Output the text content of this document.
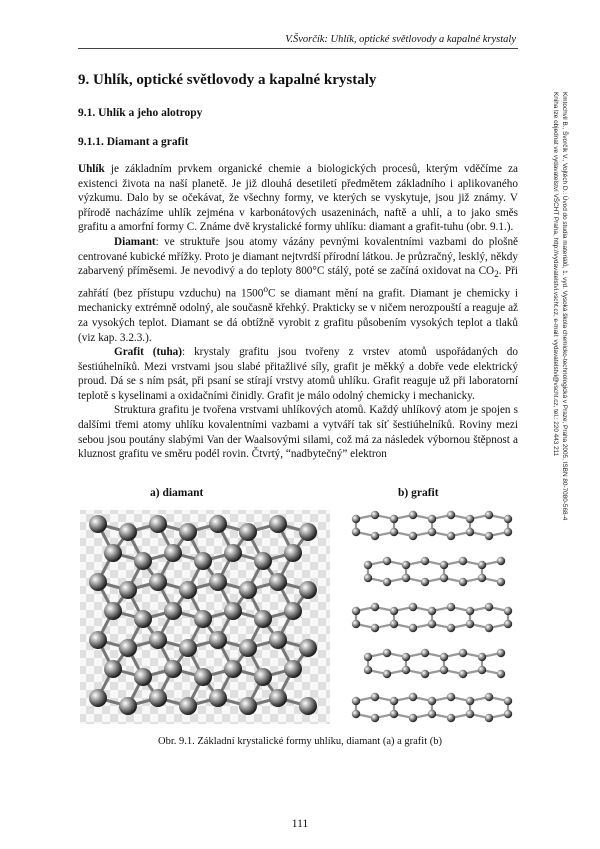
V.Švorčík: Uhlík, optické světlovody a kapalné krystaly
Kmtochvil B., Švorčík V., Vojtěch D.: Úvod do studia materiálů, 1. vyd. Vysoká škola chemicko-technologická v Praze, Praha 2005, ISBN 80-7080-568-4
Kniha lze objednat ve vydavatelství VŠCHT Praha, http://vydavatelstvi.vscht.cz, e-mail: vydavatelstvi@vscht.cz, tel.: 220 443 211
9. Uhlík, optické světlovody a kapalné krystaly
9.1. Uhlík a jeho alotropy
9.1.1. Diamant a grafit

Uhlík je základním prvkem organické chemie a biologických procesů, kterým vděčíme za existenci života na naší planetě. Je již dlouhá desetiletí předmětem základního i aplikovaného výzkumu. Dalo by se očekávat, že všechny formy, ve kterých se vyskytuje, jsou již známy. V přírodě nacházíme uhlík zejména v karbonátových usazeninách, naftě a uhlí, a to jako směs grafitu a amorfní formy C. Známe dvě krystalické formy uhlíku: diamant a grafit-tuhu (obr. 9.1.).

Diamant: ve struktuře jsou atomy vázány pevnými kovalentními vazbami do plošně centrované kubické mřížky. Proto je diamant nejtvrdší přírodní látkou. Je průzračný, lesklý, někdy zabarvený příměsemi. Je nevodivý a do teploty 800°C stálý, poté se začíná oxidovat na $CO_2$. Při zahřátí (bez přístupu vzduchu) na 1500$^o$C se diamant mění na grafit. Diamant je chemicky i mechanicky extrémně odolný, ale současně křehký. Prakticky se v ničem nerozpouští a reaguje až za vysokých teplot. Diamant se dá obtížně vyrobit z grafitu působením vysokých teplot a tlaků (viz kap. 3.2.3.).

Grafit (tuha): krystaly grafitu jsou tvořeny z vrstev atomů uspořádaných do šestiúhelníků. Mezi vrstvami jsou slabé přitažlivé síly, grafit je měkký a dobře vede elektrický proud. Dá se s ním psát, při psaní se stírají vrstvy atomů uhlíku. Grafit reaguje už při laboratorní teplotě s kyselinami a oxidačními činidly. Grafit je málo odolný chemicky i mechanicky.

Struktura grafitu je tvořena vrstvami uhlíkových atomů. Každý uhlíkový atom je spojen s dalšími třemi atomy uhlíku kovalentními vazbami a vytváří tak síť šestiúhelníků. Roviny mezi sebou jsou poutány slabými Van der Waalsovými silami, což má za následek výbornou štěpnost a kluznost grafitu ve směru podél rovin. Čtvrtý, “nadbytečný” elektron

a) diamant	b) grafit
Obr. 9.1. Základní krystalické formy uhlíku, diamant (a) a grafit (b)
111
